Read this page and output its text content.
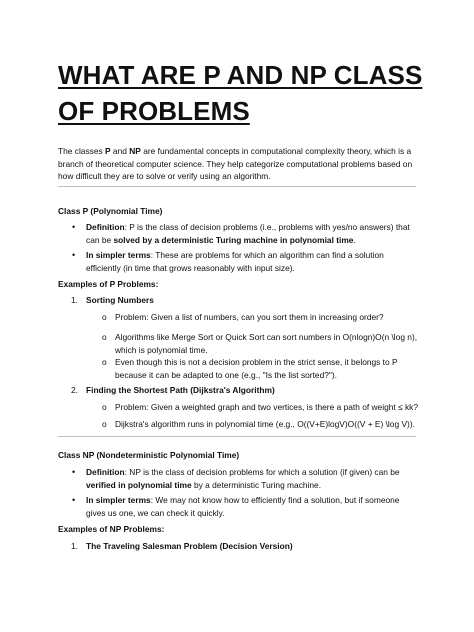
WHAT ARE P AND NP CLASS OF PROBLEMS

The classes P and NP are fundamental concepts in computational complexity theory, which is a branch of theoretical computer science. They help categorize computational problems based on how difficult they are to solve or verify using an algorithm.

Class P (Polynomial Time)

• Definition: P is the class of decision problems (i.e., problems with yes/no answers) that can be solved by a deterministic Turing machine in polynomial time.

• In simpler terms: These are problems for which an algorithm can find a solution efficiently (in time that grows reasonably with input size).

Examples of P Problems:

1. Sorting Numbers
o Problem: Given a list of numbers, can you sort them in increasing order?

o Algorithms like Merge Sort or Quick Sort can sort numbers in O(nlogn)O(n \log n), which is polynomial time.

o Even though this is not a decision problem in the strict sense, it belongs to P because it can be adapted to one (e.g., "Is the list sorted?").

2. Finding the Shortest Path (Dijkstra's Algorithm)
o Problem: Given a weighted graph and two vertices, is there a path of weight ≤ kk?

o Dijkstra's algorithm runs in polynomial time (e.g., O((V+E)logV)O((V + E) \log V)).

Class NP (Nondeterministic Polynomial Time)

• Definition: NP is the class of decision problems for which a solution (if given) can be verified in polynomial time by a deterministic Turing machine.

• In simpler terms: We may not know how to efficiently find a solution, but if someone gives us one, we can check it quickly.

Examples of NP Problems:

1. The Traveling Salesman Problem (Decision Version)
